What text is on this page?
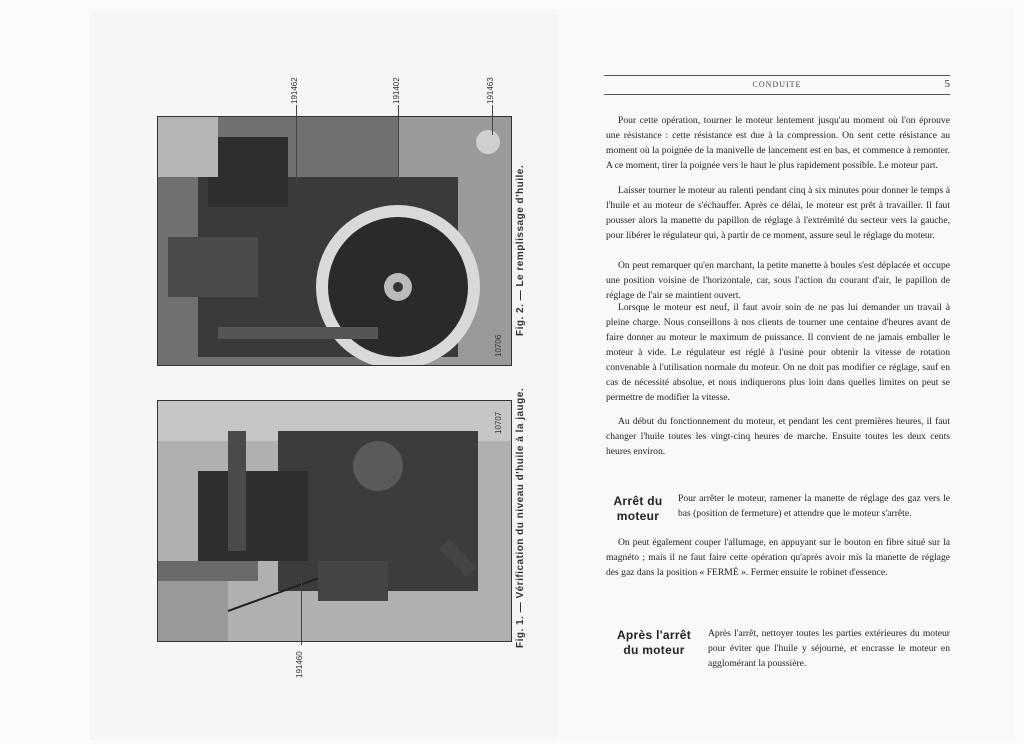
191462	191402	191463
10706
Fig. 2. — Le remplissage d'huile.
10707
191460
Fig. 1. — Vérification du niveau d'huile à la jauge.
CONDUITE	5

Pour cette opération, tourner le moteur lentement jusqu'au moment où l'on éprouve une résistance : cette résistance est due à la compression. On sent cette résistance au moment où la poignée de la manivelle de lancement est en bas, et commence à remonter. A ce moment, tirer la poignée vers le haut le plus rapidement possible. Le moteur part.

Laisser tourner le moteur au ralenti pendant cinq à six minutes pour donner le temps à l'huile et au moteur de s'échauffer. Après ce délai, le moteur est prêt à travailler. Il faut pousser alors la manette du papillon de réglage à l'extrémité du secteur vers la gauche, pour libérer le régulateur qui, à partir de ce moment, assure seul le réglage du moteur.

On peut remarquer qu'en marchant, la petite manette à boules s'est déplacée et occupe une position voisine de l'horizontale, car, sous l'action du courant d'air, le papillon de réglage de l'air se maintient ouvert.

Lorsque le moteur est neuf, il faut avoir soin de ne pas lui demander un travail à pleine charge. Nous conseillons à nos clients de tourner une centaine d'heures avant de faire donner au moteur le maximum de puissance. Il convient de ne jamais emballer le moteur à vide. Le régulateur est réglé à l'usine pour obtenir la vitesse de rotation convenable à l'utilisation normale du moteur. On ne doit pas modifier ce réglage, sauf en cas de nécessité absolue, et nous indiquerons plus loin dans quelles limites on peut se permettre de modifier la vitesse.

Au début du fonctionnement du moteur, et pendant les cent premières heures, il faut changer l'huile toutes les vingt-cinq heures de marche. Ensuite toutes les deux cents heures environ.

Arrêt du
moteur

Pour arrêter le moteur, ramener la manette de réglage des gaz vers le bas (position de fermeture) et attendre que le moteur s'arrête.

On peut également couper l'allumage, en appuyant sur le bouton en fibre situé sur la magnéto ; mais il ne faut faire cette opération qu'après avoir mis la manette de réglage des gaz dans la position « FERMÉ ». Fermer ensuite le robinet d'essence.

Après l'arrêt
du moteur

Après l'arrêt, nettoyer toutes les parties extérieures du moteur pour éviter que l'huile y séjourne, et encrasse le moteur en agglomérant la poussière.
